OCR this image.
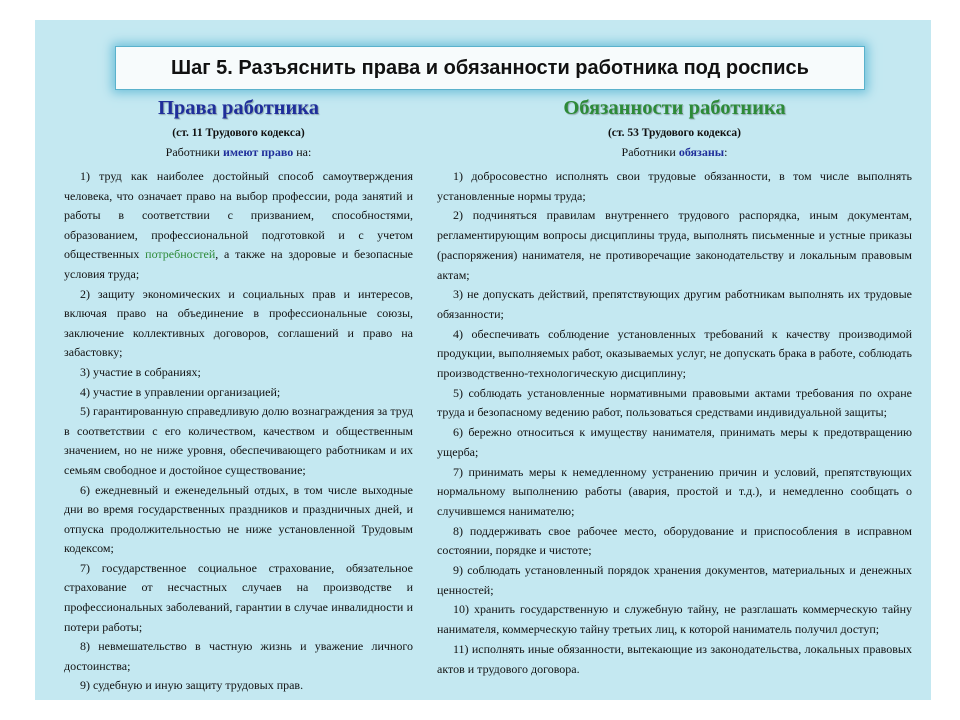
Шаг 5. Разъяснить права и обязанности работника под роспись
Права работника
(ст. 11 Трудового кодекса)
Работники имеют право на:
1) труд как наиболее достойный способ самоутверждения человека, что означает право на выбор профессии, рода занятий и работы в соответствии с призванием, способностями, образованием, профессиональной подготовкой и с учетом общественных потребностей, а также на здоровые и безопасные условия труда;
2) защиту экономических и социальных прав и интересов, включая право на объединение в профессиональные союзы, заключение коллективных договоров, соглашений и право на забастовку;
3) участие в собраниях;
4) участие в управлении организацией;
5) гарантированную справедливую долю вознаграждения за труд в соответствии с его количеством, качеством и общественным значением, но не ниже уровня, обеспечивающего работникам и их семьям свободное и достойное существование;
6) ежедневный и еженедельный отдых, в том числе выходные дни во время государственных праздников и праздничных дней, и отпуска продолжительностью не ниже установленной Трудовым кодексом;
7) государственное социальное страхование, обязательное страхование от несчастных случаев на производстве и профессиональных заболеваний, гарантии в случае инвалидности и потери работы;
8) невмешательство в частную жизнь и уважение личного достоинства;
9) судебную и иную защиту трудовых прав.
Обязанности работника
(ст. 53 Трудового кодекса)
Работники обязаны:
1) добросовестно исполнять свои трудовые обязанности, в том числе выполнять установленные нормы труда;
2) подчиняться правилам внутреннего трудового распорядка, иным документам, регламентирующим вопросы дисциплины труда, выполнять письменные и устные приказы (распоряжения) нанимателя, не противоречащие законодательству и локальным правовым актам;
3) не допускать действий, препятствующих другим работникам выполнять их трудовые обязанности;
4) обеспечивать соблюдение установленных требований к качеству производимой продукции, выполняемых работ, оказываемых услуг, не допускать брака в работе, соблюдать производственно-технологическую дисциплину;
5) соблюдать установленные нормативными правовыми актами требования по охране труда и безопасному ведению работ, пользоваться средствами индивидуальной защиты;
6) бережно относиться к имуществу нанимателя, принимать меры к предотвращению ущерба;
7) принимать меры к немедленному устранению причин и условий, препятствующих нормальному выполнению работы (авария, простой и т.д.), и немедленно сообщать о случившемся нанимателю;
8) поддерживать свое рабочее место, оборудование и приспособления в исправном состоянии, порядке и чистоте;
9) соблюдать установленный порядок хранения документов, материальных и денежных ценностей;
10) хранить государственную и служебную тайну, не разглашать коммерческую тайну нанимателя, коммерческую тайну третьих лиц, к которой наниматель получил доступ;
11) исполнять иные обязанности, вытекающие из законодательства, локальных правовых актов и трудового договора.
